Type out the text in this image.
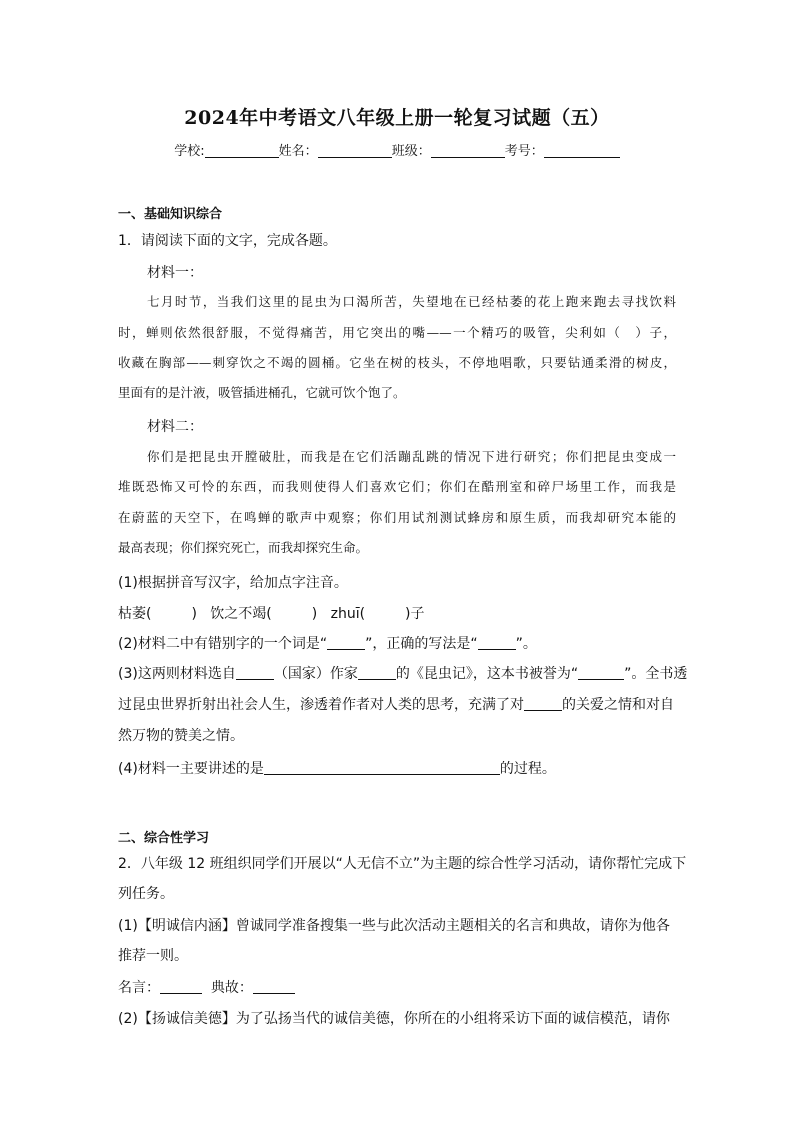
2024年中考语文八年级上册一轮复习试题（五）
学校:	姓名：	班级：	考号：
一、基础知识综合
1．请阅读下面的文字，完成各题。
材料一：
七月时节，当我们这里的昆虫为口渴所苦，失望地在已经枯萎的花上跑来跑去寻找饮料
时，蝉则依然很舒服，不觉得痛苦，用它突出的嘴——一个精巧的吸管，尖利如（　）子，
收藏在胸部——刺穿饮之不竭的圆桶。它坐在树的枝头，不停地唱歌，只要钻通柔滑的树皮，
里面有的是汁液，吸管插进桶孔，它就可饮个饱了。
材料二：
你们是把昆虫开膛破肚，而我是在它们活蹦乱跳的情况下进行研究；你们把昆虫变成一
堆既恐怖又可怜的东西，而我则使得人们喜欢它们；你们在酷刑室和碎尸场里工作，而我是
在蔚蓝的天空下，在鸣蝉的歌声中观察；你们用试剂测试蜂房和原生质，而我却研究本能的
最高表现；你们探究死亡，而我却探究生命。
(1)根据拼音写汉字，给加点字注音。
枯萎(	) 饮之不竭(	) zhuī(	)子
(2)材料二中有错别字的一个词是“	”，正确的写法是“	”。
(3)这两则材料选自	（国家）作家	的《昆虫记》，这本书被誉为“	”。全书透
过昆虫世界折射出社会人生，渗透着作者对人类的思考，充满了对	的关爱之情和对自
然万物的赞美之情。
(4)材料一主要讲述的是	的过程。
二、综合性学习
2．八年级 12 班组织同学们开展以“人无信不立”为主题的综合性学习活动，请你帮忙完成下
列任务。
(1)【明诚信内涵】曾诚同学准备搜集一些与此次活动主题相关的名言和典故，请你为他各
推荐一则。
名言：	典故：
(2)【扬诚信美德】为了弘扬当代的诚信美德，你所在的小组将采访下面的诚信模范，请你
